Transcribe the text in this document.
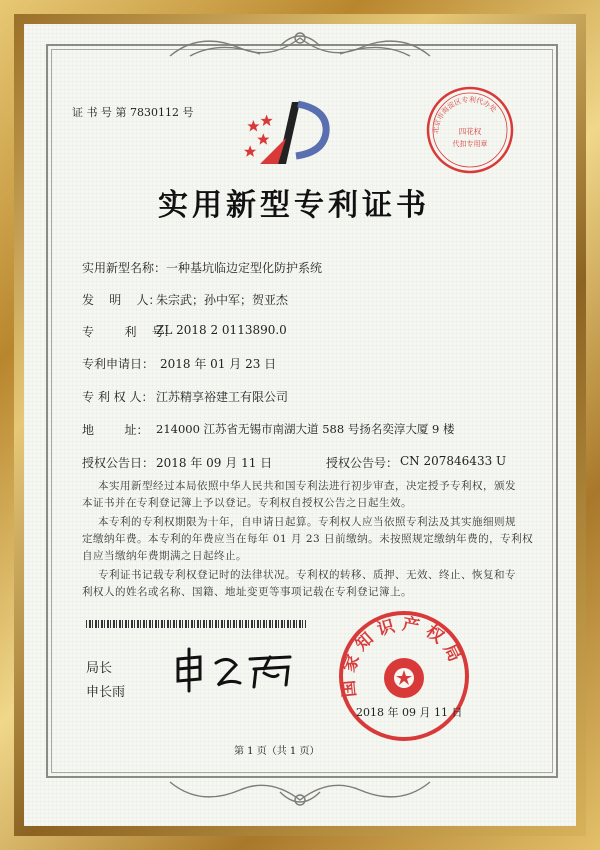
证 书 号 第 7830112 号
北京市海淀区专利代办处
四花权
代扣专用章
实用新型专利证书
实用新型名称： 一种基坑临边定型化防护系统
发    明    人：
朱宗武；孙中军；贺亚杰
专        利    号：
ZL 2018 2 0113890.0
专利申请日： 2018 年 01 月 23 日
专 利 权 人： 江苏精享裕建工有限公司
地        址： 214000 江苏省无锡市南湖大道 588 号扬名奕淳大厦 9 楼
授权公告日： 2018 年 09 月 11 日	授权公告号： CN 207846433 U
本实用新型经过本局依照中华人民共和国专利法进行初步审查，决定授予专利权，颁发
本证书并在专利登记簿上予以登记。专利权自授权公告之日起生效。
本专利的专利权期限为十年，自申请日起算。专利权人应当依照专利法及其实施细则规
定缴纳年费。本专利的年费应当在每年 01 月 23 日前缴纳。未按照规定缴纳年费的，专利权
自应当缴纳年费期满之日起终止。
专利证书记载专利权登记时的法律状况。专利权的转移、质押、无效、终止、恢复和专
利权人的姓名或名称、国籍、地址变更等事项记载在专利登记簿上。
局长
申长雨	国家知识产权局
2018 年 09 月 11 日
第 1 页（共 1 页）
